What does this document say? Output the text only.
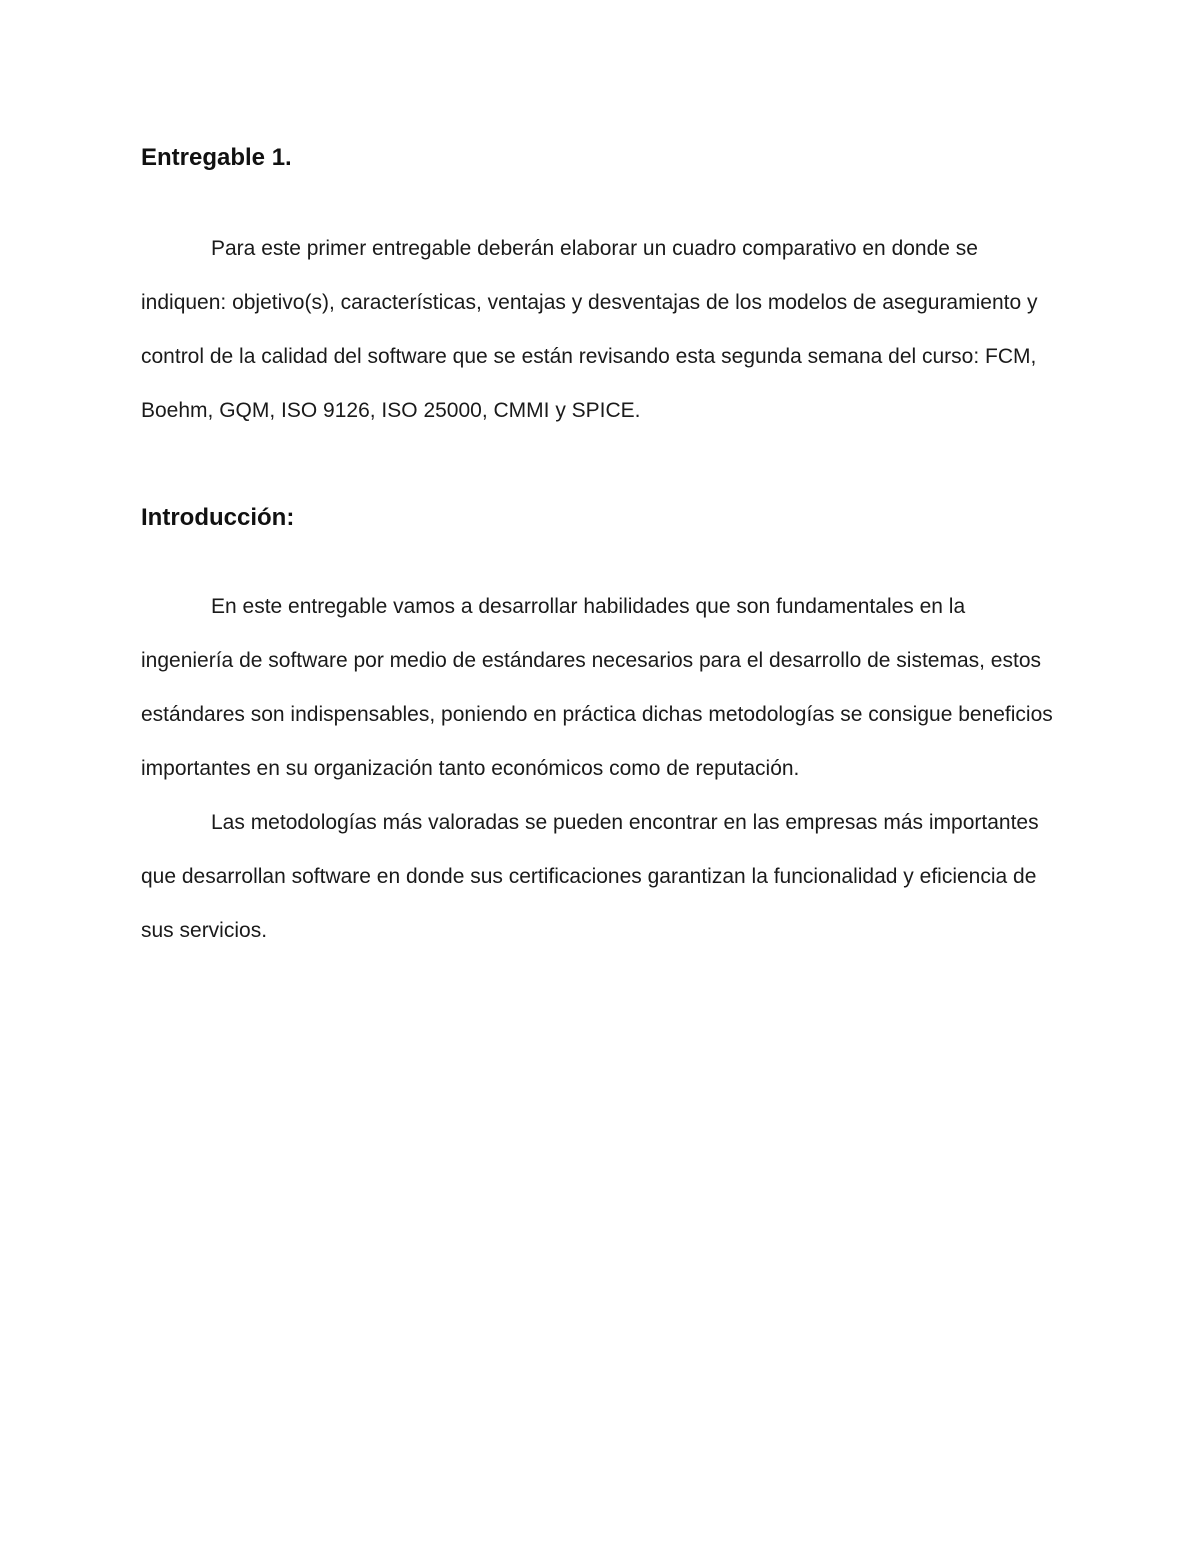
Entregable 1.

Para este primer entregable deberán elaborar un cuadro comparativo en donde se indiquen: objetivo(s), características, ventajas y desventajas de los modelos de aseguramiento y control de la calidad del software que se están revisando esta segunda semana del curso: FCM, Boehm, GQM, ISO 9126, ISO 25000, CMMI y SPICE.

Introducción:

En este entregable vamos a desarrollar habilidades que son fundamentales en la ingeniería de software por medio de estándares necesarios para el desarrollo de sistemas, estos estándares son indispensables, poniendo en práctica dichas metodologías se consigue beneficios importantes en su organización tanto económicos como de reputación.

Las metodologías más valoradas se pueden encontrar en las empresas más importantes que desarrollan software en donde sus certificaciones garantizan la funcionalidad y eficiencia de sus servicios.
